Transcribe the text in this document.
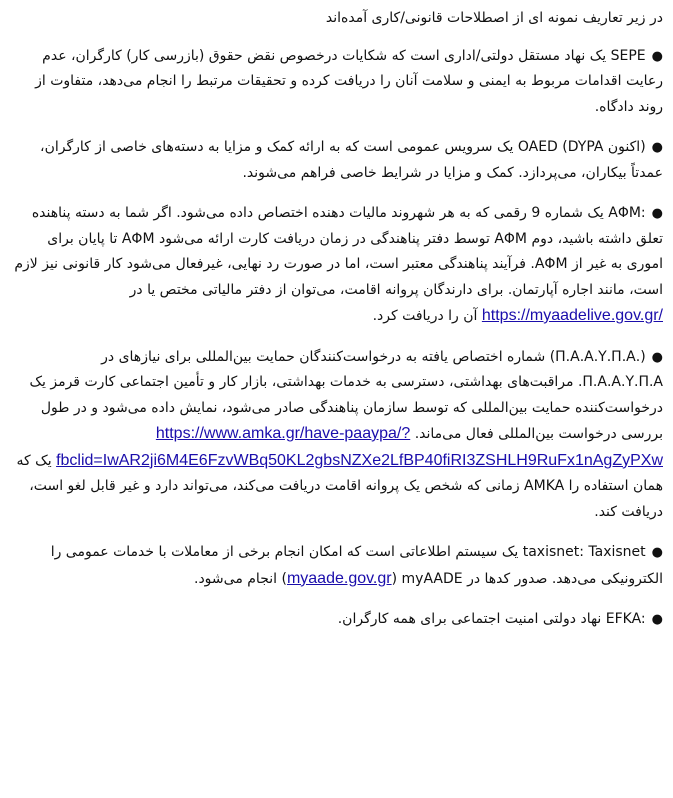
در زیر تعاریف نمونه ای از اصطلاحات قانونی/کاری آمده‌اند

●SEPE یک نهاد مستقل دولتی/اداری است که شکایات درخصوص نقض حقوق (بازرسی کار) کارگران، عدم رعایت اقدامات مربوط به ایمنی و سلامت آنان را دریافت کرده و تحقیقات مرتبط را انجام می‌دهد، متفاوت از روند دادگاه.
●OAED (DYPA اکنون) یک سرویس عمومی است که به ارائه کمک و مزایا به دسته‌های خاصی از کارگران، عمدتاً بیکاران، می‌پردازد. کمک و مزایا در شرایط خاصی فراهم می‌شوند.
●ΑΦΜ: یک شماره 9 رقمی که به هر شهروند مالیات دهنده اختصاص داده می‌شود. اگر شما به دسته پناهنده تعلق داشته باشید، دوم ΑΦΜ توسط دفتر پناهندگی در زمان دریافت کارت ارائه می‌شود ΑΦΜ تا پایان برای اموری به غیر از ΑΦΜ. فرآیند پناهندگی معتبر است، اما در صورت رد نهایی، غیرفعال می‌شود کار قانونی نیز لازم است، مانند اجاره آپارتمان. برای دارندگان پروانه اقامت، می‌توان از دفتر مالیاتی مختص یا در https://myaadelive.gov.gr/ آن را دریافت کرد.
●(Π.Α.Α.Υ.Π.Α.) شماره اختصاص یافته به درخواست‌کنندگان حمایت بین‌المللی برای نیازهای در Π.Α.Α.Υ.Π.Α. مراقبت‌های بهداشتی، دسترسی به خدمات بهداشتی، بازار کار و تأمین اجتماعی کارت قرمز یک درخواست‌کننده حمایت بین‌المللی که توسط سازمان پناهندگی صادر می‌شود، نمایش داده می‌شود و در طول بررسی درخواست بین‌المللی فعال می‌ماند. https://www.amka.gr/have-paaypa/?fbclid=IwAR2ji6M4E6FzvWBq50KL2gbsNZXe2LfBP40fiRI3ZSHLH9RuFx1nAgZyPXw یک که همان استفاده را AMKA زمانی که شخص یک پروانه اقامت دریافت می‌کند، می‌تواند دارد و غیر قابل لغو است، دریافت کند.
●taxisnet: Taxisnet یک سیستم اطلاعاتی است که امکان انجام برخی از معاملات با خدمات عمومی را الکترونیکی می‌دهد. صدور کدها در myAADE (myaade.gov.gr) انجام می‌شود.
●EFKA: نهاد دولتی امنیت اجتماعی برای همه کارگران.
